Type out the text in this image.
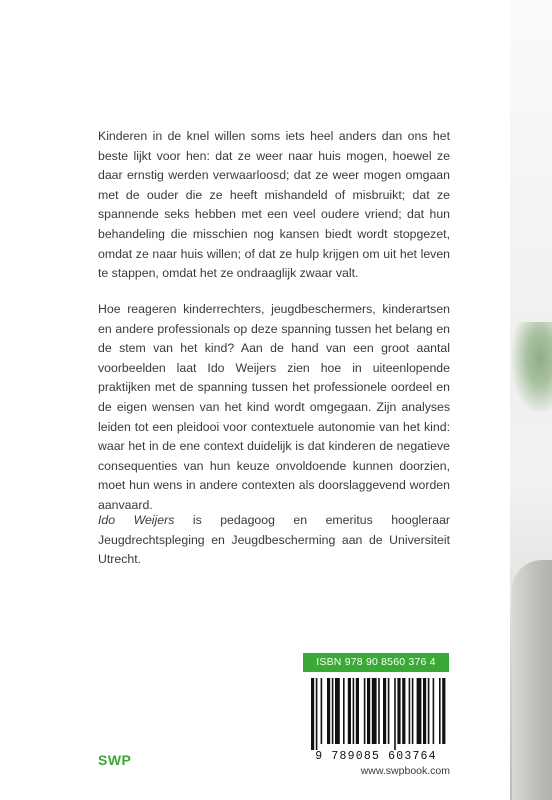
Kinderen in de knel willen soms iets heel anders dan ons het beste lijkt voor hen: dat ze weer naar huis mogen, hoewel ze daar ernstig werden verwaarloosd; dat ze weer mogen omgaan met de ouder die ze heeft mishandeld of misbruikt; dat ze spannende seks hebben met een veel oudere vriend; dat hun behandeling die misschien nog kansen biedt wordt stopgezet, omdat ze naar huis willen; of dat ze hulp krijgen om uit het leven te stappen, omdat het ze ondraaglijk zwaar valt.

Hoe reageren kinderrechters, jeugdbeschermers, kinderartsen en andere professionals op deze spanning tussen het belang en de stem van het kind? Aan de hand van een groot aantal voorbeelden laat Ido Weijers zien hoe in uiteenlopende praktijken met de spanning tussen het professionele oordeel en de eigen wensen van het kind wordt omgegaan. Zijn analyses leiden tot een pleidooi voor contextuele autonomie van het kind: waar het in de ene context duidelijk is dat kinderen de negatieve consequenties van hun keuze onvoldoende kunnen doorzien, moet hun wens in andere contexten als doorslaggevend worden aanvaard.

Ido Weijers is pedagoog en emeritus hoogleraar Jeugdrechtspleging en Jeugdbescherming aan de Universiteit Utrecht.

ISBN 978 90 8560 376 4
9 789085 603764
SWP
www.swpbook.com
